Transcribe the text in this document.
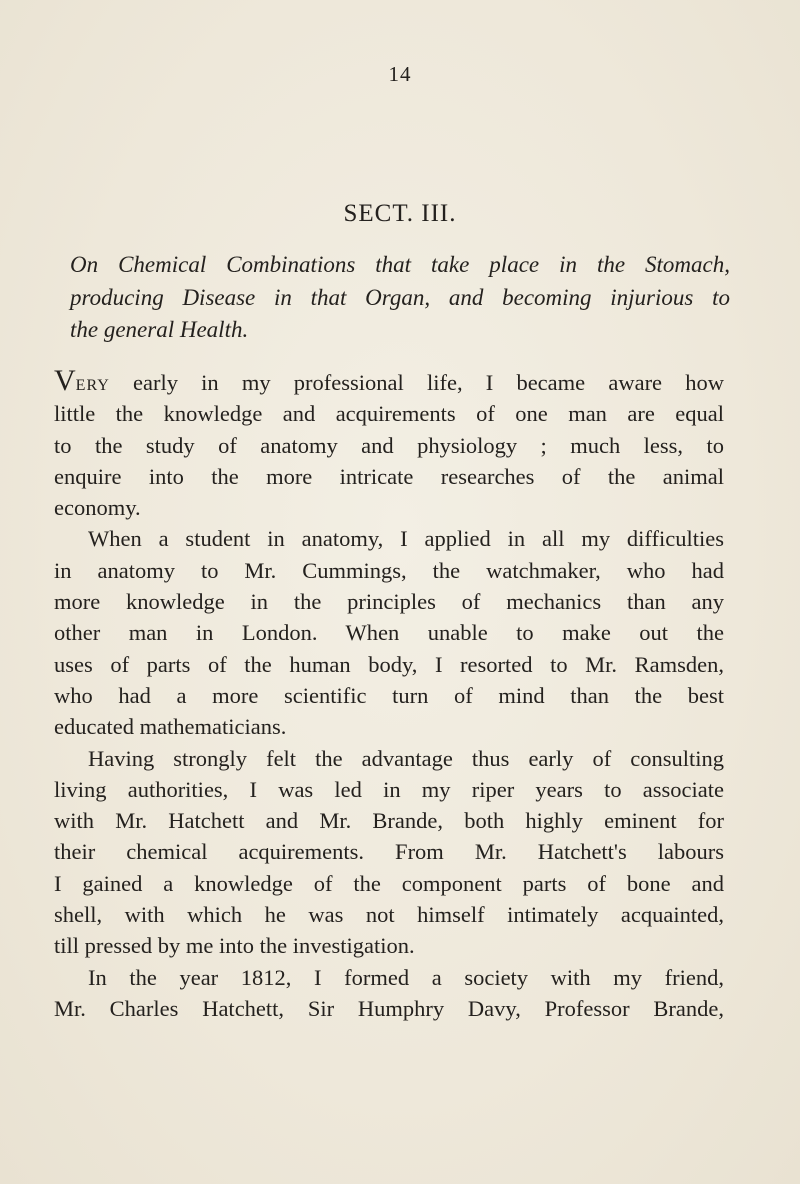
14
SECT. III.
On Chemical Combinations that take place in the Stomach,
producing Disease in that Organ, and becoming injurious to
the general Health.
Very early in my professional life, I became aware how
little the knowledge and acquirements of one man are equal
to the study of anatomy and physiology ; much less, to
enquire into the more intricate researches of the animal
economy.
When a student in anatomy, I applied in all my difficulties
in anatomy to Mr. Cummings, the watchmaker, who had
more knowledge in the principles of mechanics than any
other man in London. When unable to make out the
uses of parts of the human body, I resorted to Mr. Ramsden,
who had a more scientific turn of mind than the best
educated mathematicians.
Having strongly felt the advantage thus early of consulting
living authorities, I was led in my riper years to associate
with Mr. Hatchett and Mr. Brande, both highly eminent for
their chemical acquirements. From Mr. Hatchett's labours
I gained a knowledge of the component parts of bone and
shell, with which he was not himself intimately acquainted,
till pressed by me into the investigation.
In the year 1812, I formed a society with my friend,
Mr. Charles Hatchett, Sir Humphry Davy, Professor Brande,
